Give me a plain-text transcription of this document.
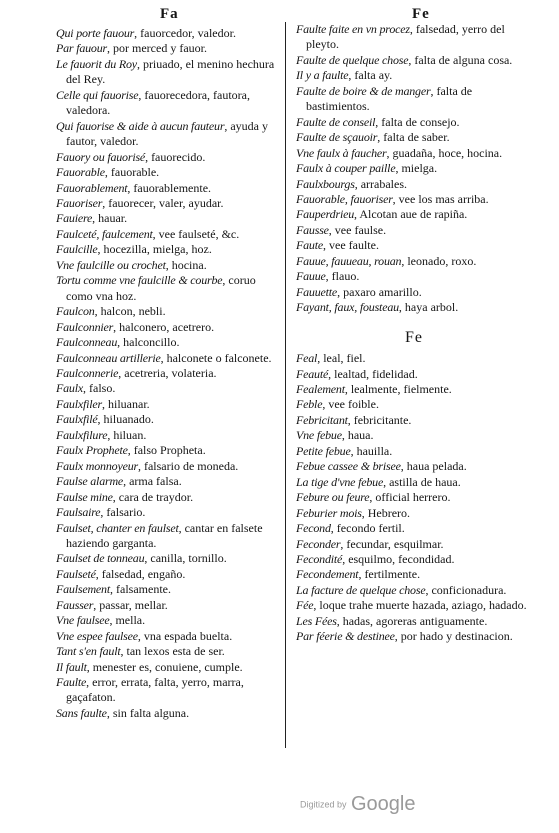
Fa	Fe

Qui porte fauour, fauorcedor, valedor.

Par fauour, por merced y fauor.

Le fauorit du Roy, priuado, el menino hechura del Rey.

Celle qui fauorise, fauorecedora, fautora, valedora.

Qui fauorise & aide à aucun fauteur, ayuda y fautor, valedor.

Fauory ou fauorisé, fauorecido.

Fauorable, fauorable.

Fauorablement, fauorablemente.

Fauoriser, fauorecer, valer, ayudar.

Fauiere, hauar.

Faulceté, faulcement, vee faulseté, &c.

Faulcille, hocezilla, mielga, hoz.

Vne faulcille ou crochet, hocina.

Tortu comme vne faulcille & courbe, coruo como vna hoz.

Faulcon, halcon, nebli.

Faulconnier, halconero, acetrero.

Faulconneau, halconcillo.

Faulconneau artillerie, halconete o falconete.

Faulconnerie, acetreria, volateria.

Faulx, falso.

Faulxfiler, hiluanar.

Faulxfilé, hiluanado.

Faulxfilure, hiluan.

Faulx Prophete, falso Propheta.

Faulx monnoyeur, falsario de moneda.

Faulse alarme, arma falsa.

Faulse mine, cara de traydor.

Faulsaire, falsario.

Faulset, chanter en faulset, cantar en falsete haziendo garganta.

Faulset de tonneau, canilla, tornillo.

Faulseté, falsedad, engaño.

Faulsement, falsamente.

Fausser, passar, mellar.

Vne faulsee, mella.

Vne espee faulsee, vna espada buelta.

Tant s'en fault, tan lexos esta de ser.

Il fault, menester es, conuiene, cumple.

Faulte, error, errata, falta, yerro, marra, gaçafaton.

Sans faulte, sin falta alguna.

Faulte faite en vn procez, falsedad, yerro del pleyto.

Faulte de quelque chose, falta de alguna cosa.

Il y a faulte, falta ay.

Faulte de boire & de manger, falta de bastimientos.

Faulte de conseil, falta de consejo.

Faulte de sçauoir, falta de saber.

Vne faulx à faucher, guadaña, hoce, hocina.

Faulx à couper paille, mielga.

Faulxbourgs, arrabales.

Fauorable, fauoriser, vee los mas arriba.

Fauperdrieu, Alcotan aue de rapiña.

Fausse, vee faulse.

Faute, vee faulte.

Fauue, fauueau, rouan, leonado, roxo.

Fauue, flauo.

Fauuette, paxaro amarillo.

Fayant, faux, fousteau, haya arbol.

Fe

Feal, leal, fiel.

Feauté, lealtad, fidelidad.

Fealement, lealmente, fielmente.

Feble, vee foible.

Febricitant, febricitante.

Vne febue, haua.

Petite febue, hauilla.

Febue cassee & brisee, haua pelada.

La tige d'vne febue, astilla de haua.

Febure ou feure, official herrero.

Feburier mois, Hebrero.

Fecond, fecondo fertil.

Feconder, fecundar, esquilmar.

Fecondité, esquilmo, fecondidad.

Fecondement, fertilmente.

La facture de quelque chose, conficionadura.

Fée, loque trahe muerte hazada, aziago, hadado.

Les Fées, hadas, agoreras antiguamente.

Par féerie & destinee, por hado y destinacion.

Digitized by Google
